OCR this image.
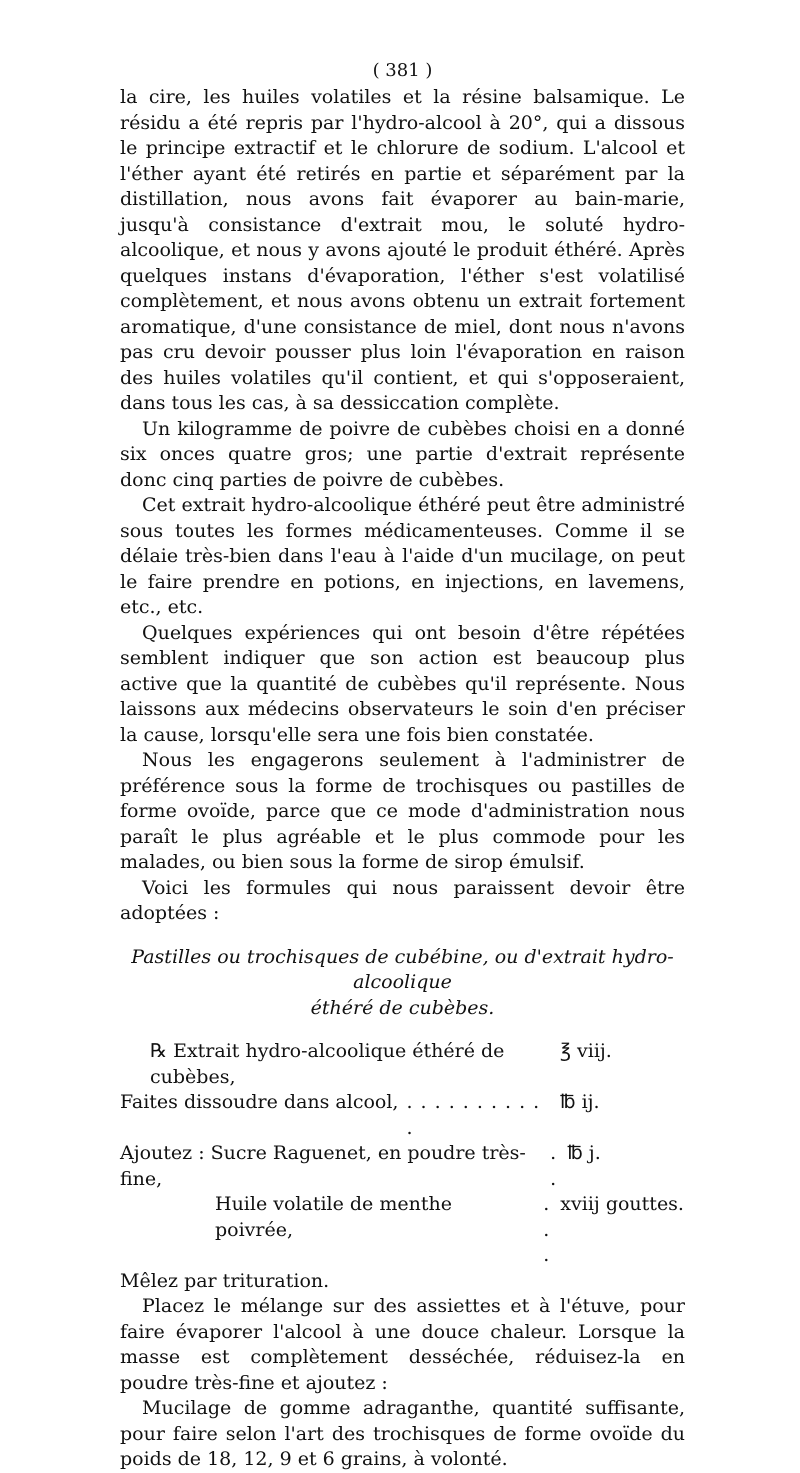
( 381 )

la cire, les huiles volatiles et la résine balsamique. Le résidu a été repris par l'hydro-alcool à 20°, qui a dissous le principe extractif et le chlorure de sodium. L'alcool et l'éther ayant été retirés en partie et séparément par la distillation, nous avons fait évaporer au bain-marie, jusqu'à consistance d'extrait mou, le soluté hydro-alcoolique, et nous y avons ajouté le produit éthéré. Après quelques instans d'évaporation, l'éther s'est volatilisé complètement, et nous avons obtenu un extrait fortement aromatique, d'une consistance de miel, dont nous n'avons pas cru devoir pousser plus loin l'évaporation en raison des huiles volatiles qu'il contient, et qui s'opposeraient, dans tous les cas, à sa dessiccation complète.

Un kilogramme de poivre de cubèbes choisi en a donné six onces quatre gros; une partie d'extrait représente donc cinq parties de poivre de cubèbes.

Cet extrait hydro-alcoolique éthéré peut être administré sous toutes les formes médicamenteuses. Comme il se délaie très-bien dans l'eau à l'aide d'un mucilage, on peut le faire prendre en potions, en injections, en lavemens, etc., etc.

Quelques expériences qui ont besoin d'être répétées semblent indiquer que son action est beaucoup plus active que la quantité de cubèbes qu'il représente. Nous laissons aux médecins observateurs le soin d'en préciser la cause, lorsqu'elle sera une fois bien constatée.

Nous les engagerons seulement à l'administrer de préférence sous la forme de trochisques ou pastilles de forme ovoïde, parce que ce mode d'administration nous paraît le plus agréable et le plus commode pour les malades, ou bien sous la forme de sirop émulsif.

Voici les formules qui nous paraissent devoir être adoptées :

Pastilles ou trochisques de cubébine, ou d'extrait hydro-alcoolique
éthéré de cubèbes.
℞ Extrait hydro-alcoolique éthéré de cubèbes,
℥ viij.
Faites dissoudre dans alcool, . . . . . . . . . . .
℔ ij.
Ajoutez : Sucre Raguenet, en poudre très-fine,
. .
℔ j.
Huile volatile de menthe poivrée,
. . .
xviij gouttes.
Mêlez par trituration.

Placez le mélange sur des assiettes et à l'étuve, pour faire évaporer l'alcool à une douce chaleur. Lorsque la masse est complètement desséchée, réduisez-la en poudre très-fine et ajoutez :

Mucilage de gomme adraganthe, quantité suffisante, pour faire selon l'art des trochisques de forme ovoïde du poids de 18, 12, 9 et 6 grains, à volonté.
